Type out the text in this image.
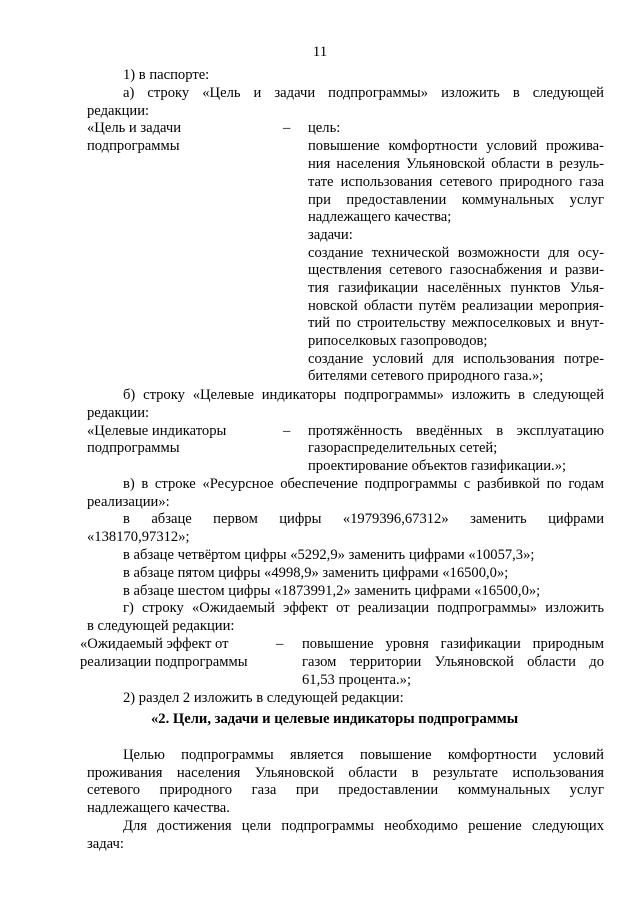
11
1) в паспорте:
а) строку «Цель и задачи подпрограммы» изложить в следующей
редакции:
«Цель и задачи
подпрограммы
– цель:
повышение комфортности условий прожива-
ния населения Ульяновской области в резуль-
тате использования сетевого природного газа
при предоставлении коммунальных услуг
надлежащего качества;
задачи:
создание технической возможности для осу-
ществления сетевого газоснабжения и разви-
тия газификации населённых пунктов Улья-
новской области путём реализации мероприя-
тий по строительству межпоселковых и внут-
рипоселковых газопроводов;
создание условий для использования потре-
бителями сетевого природного газа.»;
б) строку «Целевые индикаторы подпрограммы» изложить в следующей
редакции:
«Целевые индикаторы
подпрограммы
– протяжённость введённых в эксплуатацию
газораспределительных сетей;
проектирование объектов газификации.»;
в) в строке «Ресурсное обеспечение подпрограммы с разбивкой по годам
реализации»:
в абзаце первом цифры «1979396,67312» заменить цифрами
«138170,97312»;
в абзаце четвёртом цифры «5292,9» заменить цифрами «10057,3»;
в абзаце пятом цифры «4998,9» заменить цифрами «16500,0»;
в абзаце шестом цифры «1873991,2» заменить цифрами «16500,0»;
г) строку «Ожидаемый эффект от реализации подпрограммы» изложить
в следующей редакции:
«Ожидаемый эффект от
реализации подпрограммы
– повышение уровня газификации природным
газом территории Ульяновской области до
61,53 процента.»;
2) раздел 2 изложить в следующей редакции:
«2. Цели, задачи и целевые индикаторы подпрограммы
Целью подпрограммы является повышение комфортности условий
проживания населения Ульяновской области в результате использования
сетевого природного газа при предоставлении коммунальных услуг
надлежащего качества.
Для достижения цели подпрограммы необходимо решение следующих
задач:
